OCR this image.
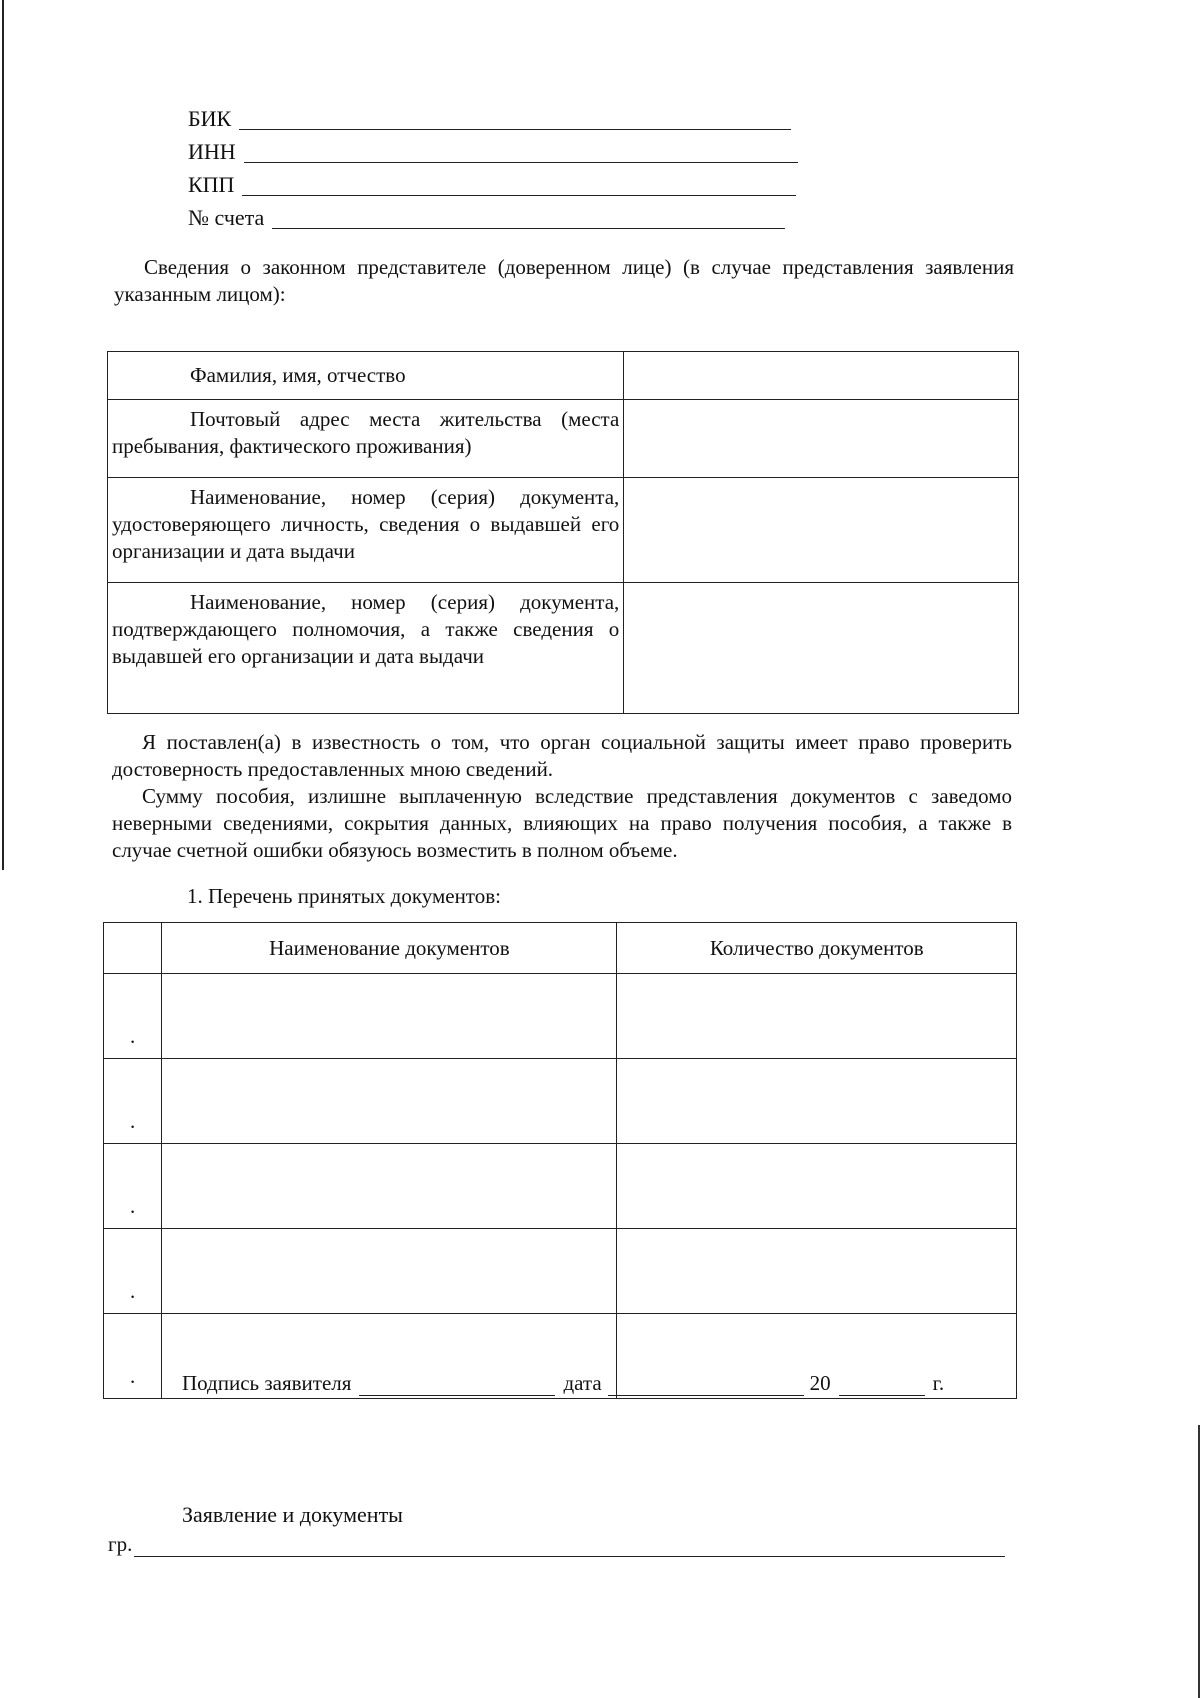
БИК
ИНН
КПП
№ счета

Сведения о законном представителе (доверенном лице) (в случае представления заявления указанным лицом):

Фамилия, имя, отчество	
Почтовый адрес места жительства (места пребывания, фактического проживания)	
Наименование, номер (серия) документа, удостоверяющего личность, сведения о выдавшей его организации и дата выдачи	
Наименование, номер (серия) документа, подтверждающего полномочия, а также сведения о выдавшей его организации и дата выдачи	

Я поставлен(а) в известность о том, что орган социальной защиты имеет право проверить достоверность предоставленных мною сведений.

Сумму пособия, излишне выплаченную вследствие представления документов с заведомо неверными сведениями, сокрытия данных, влияющих на право получения пособия, а также в случае счетной ошибки обязуюсь возместить в полном объеме.

1. Перечень принятых документов:
	Наименование документов	Количество документов
.		
.		
.		
.		
.		Подпись заявителя	дата	20	г.
Заявление и документы
гр.
